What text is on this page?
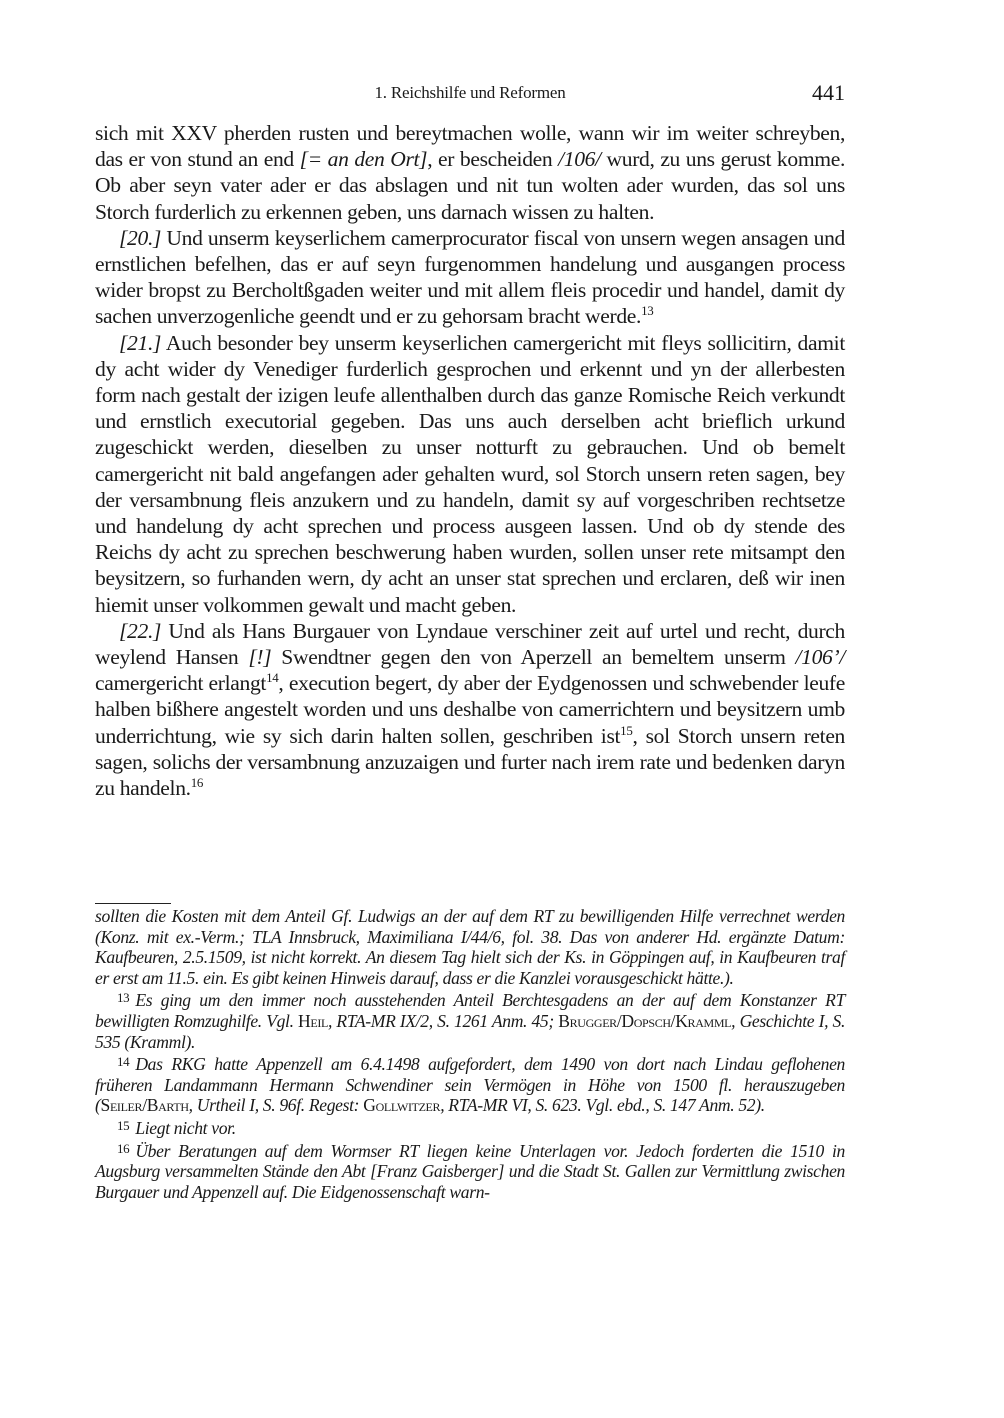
1. Reichshilfe und Reformen	441

sich mit XXV pherden rusten und bereytmachen wolle, wann wir im weiter schreyben, das er von stund an end [= an den Ort], er bescheiden /106/ wurd, zu uns gerust komme. Ob aber seyn vater ader er das abslagen und nit tun wolten ader wurden, das sol uns Storch furderlich zu erkennen geben, uns darnach wissen zu halten.

[20.] Und unserm keyserlichem camerprocurator fiscal von unsern wegen ansagen und ernstlichen befelhen, das er auf seyn furgenommen handelung und ausgangen process wider bropst zu Bercholtßgaden weiter und mit allem fleis procedir und handel, damit dy sachen unverzogenliche geendt und er zu gehorsam bracht werde.$^{13}$

[21.] Auch besonder bey unserm keyserlichen camergericht mit fleys sollicitirn, damit dy acht wider dy Venediger furderlich gesprochen und erkennt und yn der allerbesten form nach gestalt der izigen leufe allenthalben durch das ganze Romische Reich verkundt und ernstlich executorial gegeben. Das uns auch derselben acht brieflich urkund zugeschickt werden, dieselben zu unser notturft zu gebrauchen. Und ob bemelt camergericht nit bald angefangen ader gehalten wurd, sol Storch unsern reten sagen, bey der versambnung fleis anzukern und zu handeln, damit sy auf vorgeschriben rechtsetze und handelung dy acht sprechen und process ausgeen lassen. Und ob dy stende des Reichs dy acht zu sprechen beschwerung haben wurden, sollen unser rete mitsampt den beysitzern, so furhanden wern, dy acht an unser stat sprechen und erclaren, deß wir inen hiemit unser volkommen gewalt und macht geben.

[22.] Und als Hans Burgauer von Lyndaue verschiner zeit auf urtel und recht, durch weylend Hansen [!] Swendtner gegen den von Aperzell an bemeltem unserm /106’/ camergericht erlangt$^{14}$, execution begert, dy aber der Eydgenossen und schwebender leufe halben bißhere angestelt worden und uns deshalbe von camerrichtern und beysitzern umb underrichtung, wie sy sich darin halten sollen, geschriben ist$^{15}$, sol Storch unsern reten sagen, solichs der versambnung anzuzaigen und furter nach irem rate und bedenken daryn zu handeln.$^{16}$

sollten die Kosten mit dem Anteil Gf. Ludwigs an der auf dem RT zu bewilligenden Hilfe verrechnet werden (Konz. mit ex.-Verm.; TLA Innsbruck, Maximiliana I/44/6, fol. 38. Das von anderer Hd. ergänzte Datum: Kaufbeuren, 2.5.1509, ist nicht korrekt. An diesem Tag hielt sich der Ks. in Göppingen auf, in Kaufbeuren traf er erst am 11.5. ein. Es gibt keinen Hinweis darauf, dass er die Kanzlei vorausgeschickt hätte.).

$^{13}$ Es ging um den immer noch ausstehenden Anteil Berchtesgadens an der auf dem Konstanzer RT bewilligten Romzughilfe. Vgl. Heil, RTA-MR IX/2, S. 1261 Anm. 45; Brugger/Dopsch/Kramml, Geschichte I, S. 535 (Kramml).

$^{14}$ Das RKG hatte Appenzell am 6.4.1498 aufgefordert, dem 1490 von dort nach Lindau geflohenen früheren Landammann Hermann Schwendiner sein Vermögen in Höhe von 1500 fl. herauszugeben (Seiler/Barth, Urtheil I, S. 96f. Regest: Gollwitzer, RTA-MR VI, S. 623. Vgl. ebd., S. 147 Anm. 52).

$^{15}$ Liegt nicht vor.

$^{16}$ Über Beratungen auf dem Wormser RT liegen keine Unterlagen vor. Jedoch forderten die 1510 in Augsburg versammelten Stände den Abt [Franz Gaisberger] und die Stadt St. Gallen zur Vermittlung zwischen Burgauer und Appenzell auf. Die Eidgenossenschaft warn-
